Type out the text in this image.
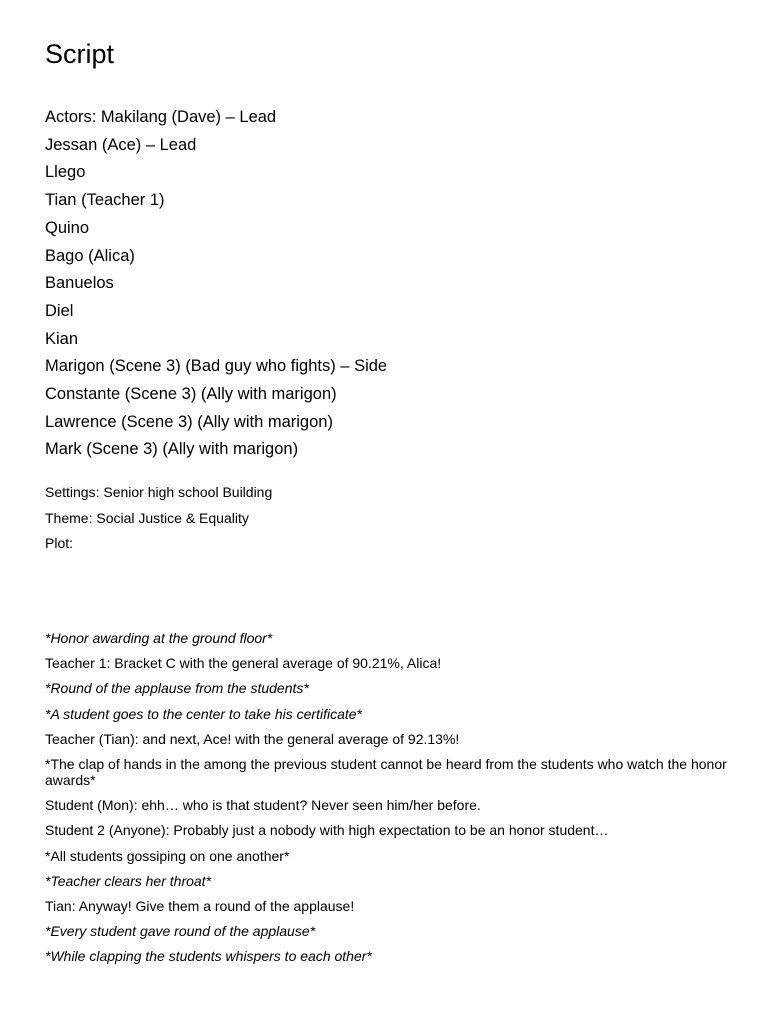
Script
Actors: Makilang (Dave) – Lead
Jessan (Ace) – Lead
Llego
Tian (Teacher 1)
Quino
Bago (Alica)
Banuelos
Diel
Kian
Marigon (Scene 3) (Bad guy who fights) – Side
Constante (Scene 3) (Ally with marigon)
Lawrence (Scene 3) (Ally with marigon)
Mark (Scene 3) (Ally with marigon)
Settings: Senior high school Building
Theme: Social Justice & Equality
Plot:
*Honor awarding at the ground floor*
Teacher 1: Bracket C with the general average of 90.21%, Alica!
*Round of the applause from the students*
*A student goes to the center to take his certificate*
Teacher (Tian): and next, Ace! with the general average of 92.13%!
*The clap of hands in the among the previous student cannot be heard from the students who watch the honor awards*
Student (Mon): ehh… who is that student? Never seen him/her before.
Student 2 (Anyone): Probably just a nobody with high expectation to be an honor student…
*All students gossiping on one another*
*Teacher clears her throat*
Tian: Anyway! Give them a round of the applause!
*Every student gave round of the applause*
*While clapping the students whispers to each other*
